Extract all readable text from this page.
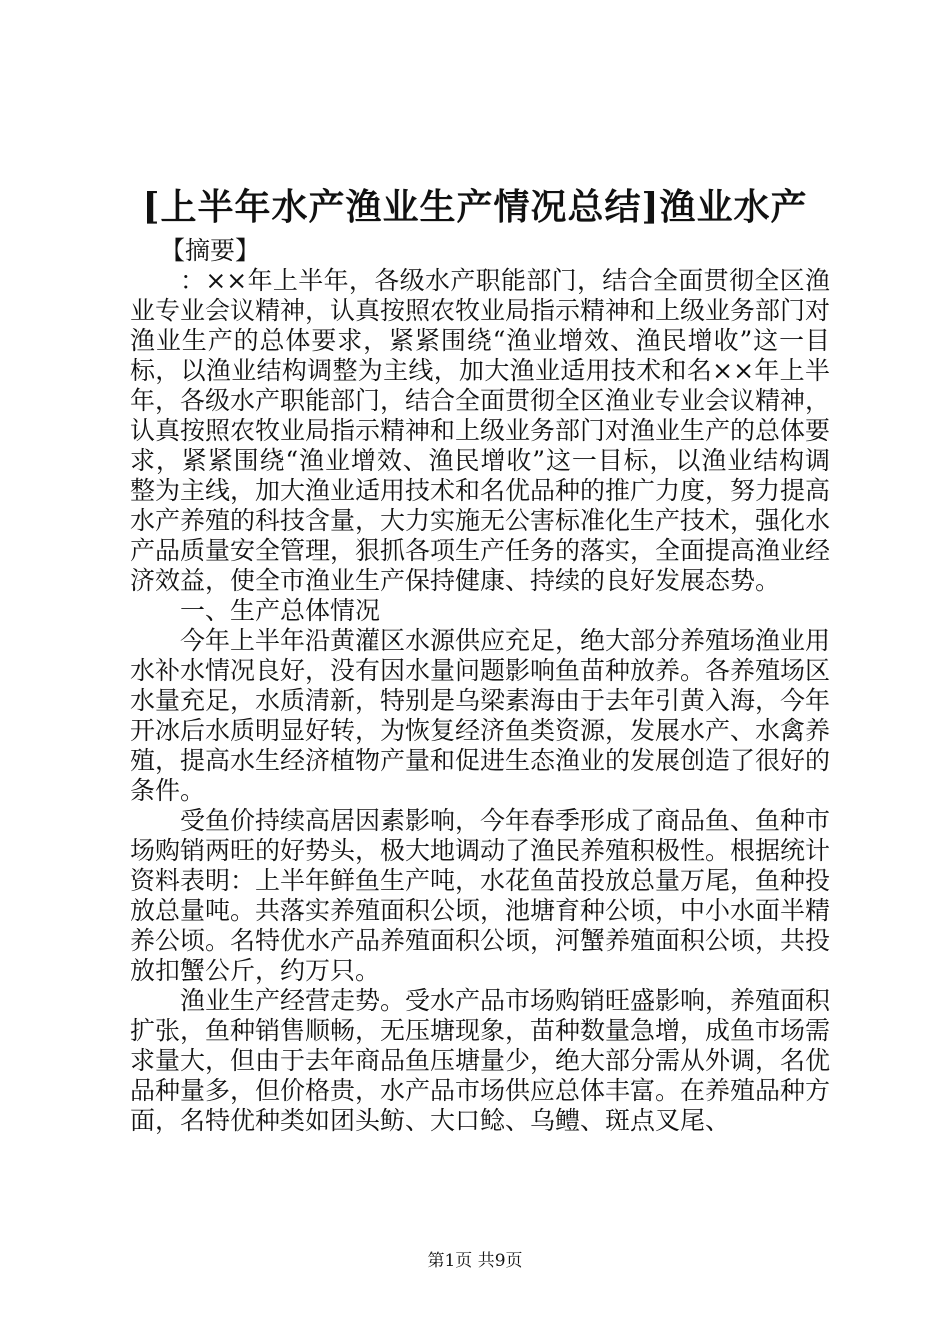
[上半年水产渔业生产情况总结]渔业水产

【摘要】

：××年上半年，各级水产职能部门，结合全面贯彻全区渔业专业会议精神，认真按照农牧业局指示精神和上级业务部门对渔业生产的总体要求，紧紧围绕“渔业增效、渔民增收”这一目标，以渔业结构调整为主线，加大渔业适用技术和名××年上半年，各级水产职能部门，结合全面贯彻全区渔业专业会议精神，认真按照农牧业局指示精神和上级业务部门对渔业生产的总体要求，紧紧围绕“渔业增效、渔民增收”这一目标，以渔业结构调整为主线，加大渔业适用技术和名优品种的推广力度，努力提高水产养殖的科技含量，大力实施无公害标准化生产技术，强化水产品质量安全管理，狠抓各项生产任务的落实，全面提高渔业经济效益，使全市渔业生产保持健康、持续的良好发展态势。

一、生产总体情况

今年上半年沿黄灌区水源供应充足，绝大部分养殖场渔业用水补水情况良好，没有因水量问题影响鱼苗种放养。各养殖场区水量充足，水质清新，特别是乌梁素海由于去年引黄入海，今年开冰后水质明显好转，为恢复经济鱼类资源，发展水产、水禽养殖，提高水生经济植物产量和促进生态渔业的发展创造了很好的条件。

受鱼价持续高居因素影响，今年春季形成了商品鱼、鱼种市场购销两旺的好势头，极大地调动了渔民养殖积极性。根据统计资料表明：上半年鲜鱼生产吨，水花鱼苗投放总量万尾，鱼种投放总量吨。共落实养殖面积公顷，池塘育种公顷，中小水面半精养公顷。名特优水产品养殖面积公顷，河蟹养殖面积公顷，共投放扣蟹公斤，约万只。

渔业生产经营走势。受水产品市场购销旺盛影响，养殖面积扩张，鱼种销售顺畅，无压塘现象，苗种数量急增，成鱼市场需求量大，但由于去年商品鱼压塘量少，绝大部分需从外调，名优品种量多，但价格贵，水产品市场供应总体丰富。在养殖品种方面，名特优种类如团头鲂、大口鲶、乌鳢、斑点叉尾、

第1页 共9页
